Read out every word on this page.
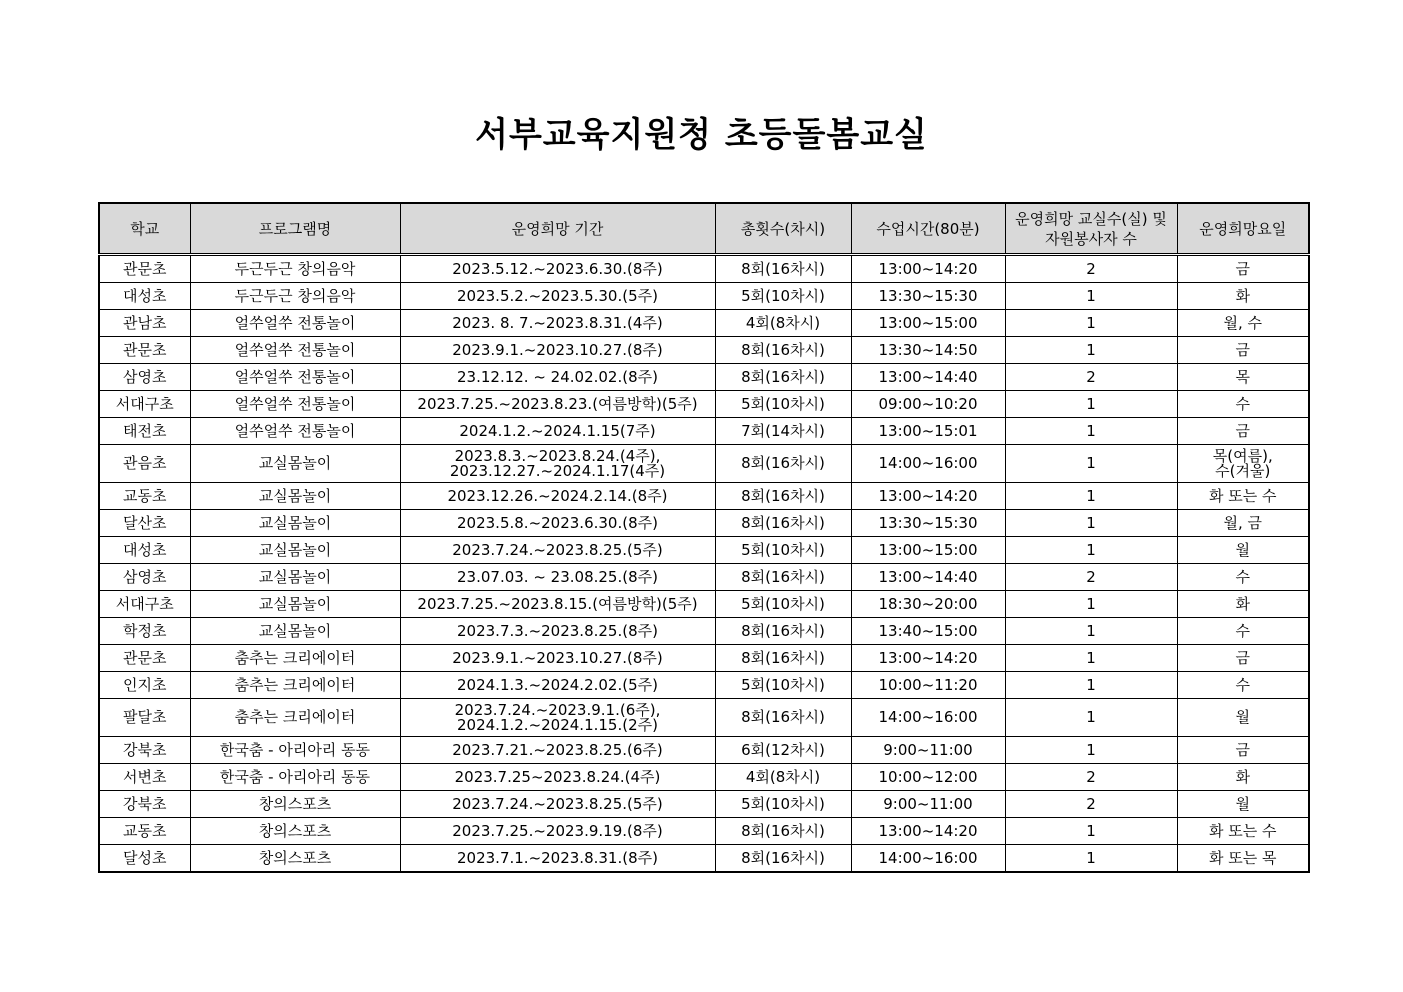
서부교육지원청 초등돌봄교실
학교	프로그램명	운영희망 기간	총횟수(차시)	수업시간(80분)	운영희망 교실수(실) 및 자원봉사자 수	운영희망요일
관문초	두근두근 창의음악	2023.5.12.~2023.6.30.(8주)	8회(16차시)	13:00~14:20	2	금

대성초	두근두근 창의음악	2023.5.2.~2023.5.30.(5주)	5회(10차시)	13:30~15:30	1	화

관남초	얼쑤얼쑤 전통놀이	2023. 8. 7.~2023.8.31.(4주)	4회(8차시)	13:00~15:00	1	월, 수

관문초	얼쑤얼쑤 전통놀이	2023.9.1.~2023.10.27.(8주)	8회(16차시)	13:30~14:50	1	금

삼영초	얼쑤얼쑤 전통놀이	23.12.12. ~ 24.02.02.(8주)	8회(16차시)	13:00~14:40	2	목

서대구초	얼쑤얼쑤 전통놀이	2023.7.25.~2023.8.23.(여름방학)(5주)	5회(10차시)	09:00~10:20	1	수

태전초	얼쑤얼쑤 전통놀이	2024.1.2.~2024.1.15(7주)	7회(14차시)	13:00~15:01	1	금

관음초	교실몸놀이	2023.8.3.~2023.8.24.(4주),
2023.12.27.~2024.1.17(4주)	8회(16차시)	14:00~16:00	1	목(여름),
수(겨울)

교동초	교실몸놀이	2023.12.26.~2024.2.14.(8주)	8회(16차시)	13:00~14:20	1	화 또는 수

달산초	교실몸놀이	2023.5.8.~2023.6.30.(8주)	8회(16차시)	13:30~15:30	1	월, 금

대성초	교실몸놀이	2023.7.24.~2023.8.25.(5주)	5회(10차시)	13:00~15:00	1	월

삼영초	교실몸놀이	23.07.03. ~ 23.08.25.(8주)	8회(16차시)	13:00~14:40	2	수

서대구초	교실몸놀이	2023.7.25.~2023.8.15.(여름방학)(5주)	5회(10차시)	18:30~20:00	1	화

학정초	교실몸놀이	2023.7.3.~2023.8.25.(8주)	8회(16차시)	13:40~15:00	1	수

관문초	춤추는 크리에이터	2023.9.1.~2023.10.27.(8주)	8회(16차시)	13:00~14:20	1	금

인지초	춤추는 크리에이터	2024.1.3.~2024.2.02.(5주)	5회(10차시)	10:00~11:20	1	수

팔달초	춤추는 크리에이터	2023.7.24.~2023.9.1.(6주),
2024.1.2.~2024.1.15.(2주)	8회(16차시)	14:00~16:00	1	월

강북초	한국춤 - 아리아리 동동	2023.7.21.~2023.8.25.(6주)	6회(12차시)	9:00~11:00	1	금

서변초	한국춤 - 아리아리 동동	2023.7.25~2023.8.24.(4주)	4회(8차시)	10:00~12:00	2	화

강북초	창의스포츠	2023.7.24.~2023.8.25.(5주)	5회(10차시)	9:00~11:00	2	월

교동초	창의스포츠	2023.7.25.~2023.9.19.(8주)	8회(16차시)	13:00~14:20	1	화 또는 수

달성초	창의스포츠	2023.7.1.~2023.8.31.(8주)	8회(16차시)	14:00~16:00	1	화 또는 목
